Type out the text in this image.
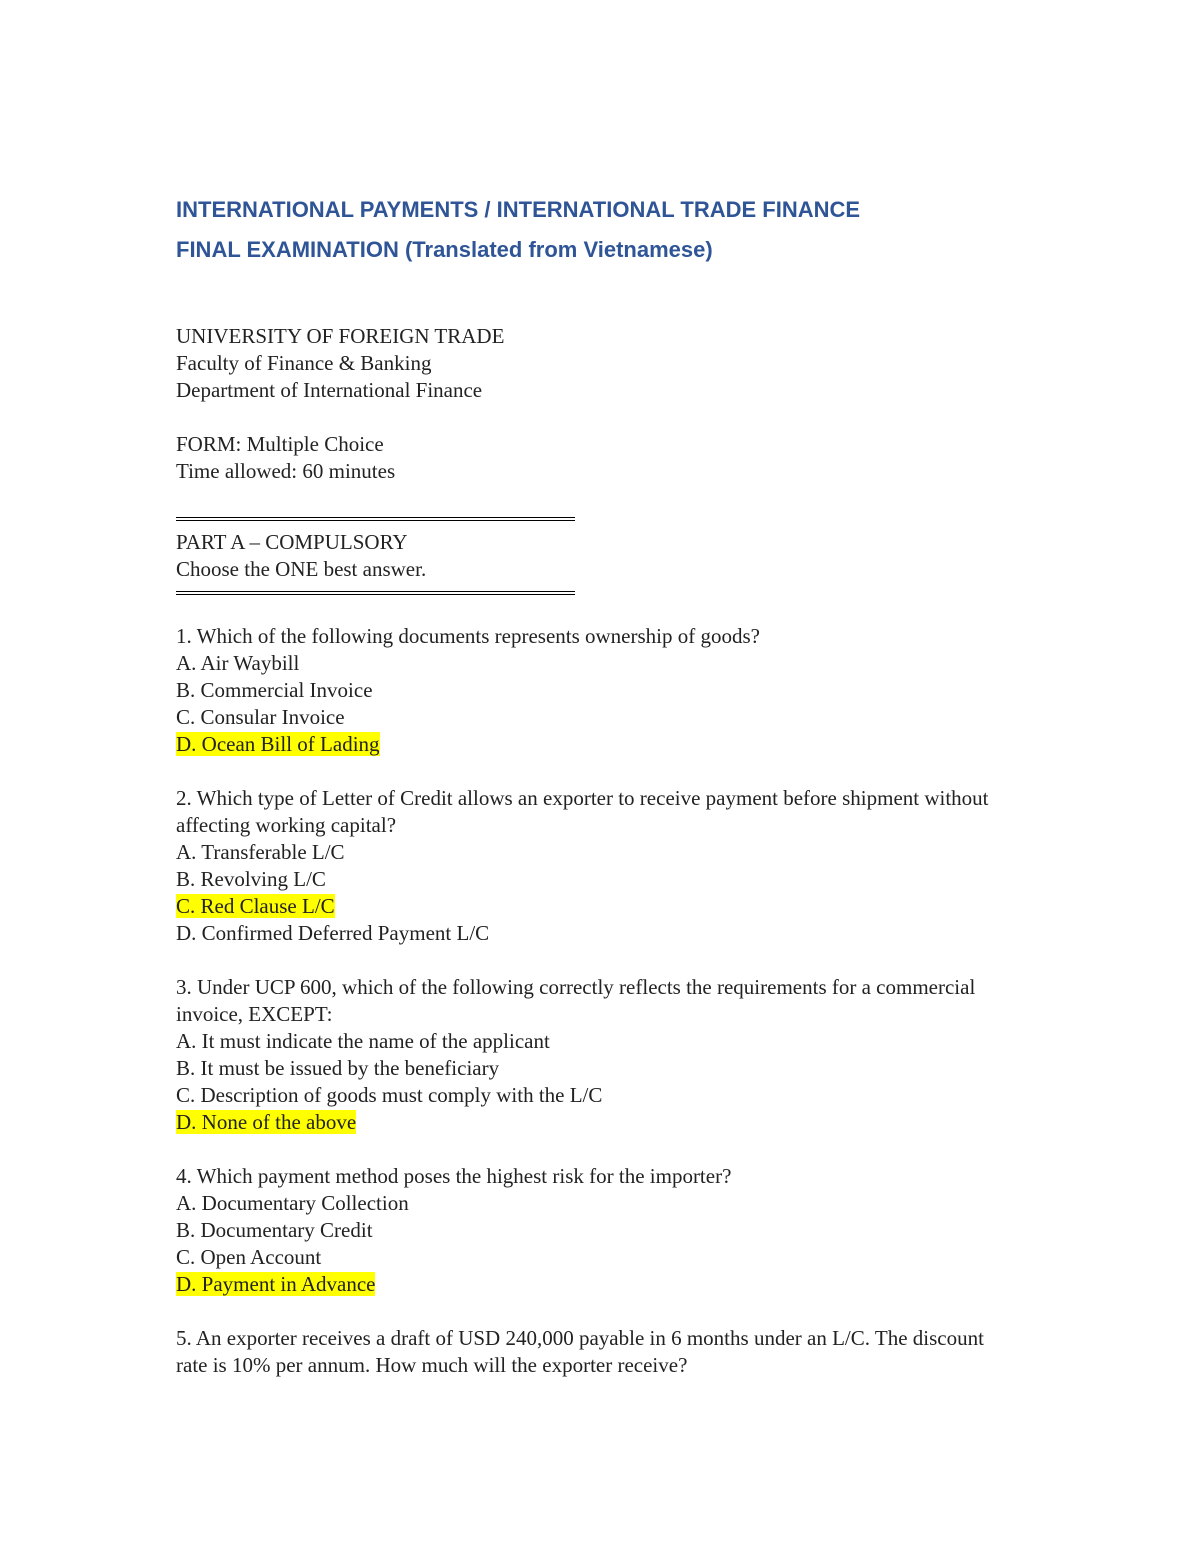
INTERNATIONAL PAYMENTS / INTERNATIONAL TRADE FINANCE
FINAL EXAMINATION (Translated from Vietnamese)
UNIVERSITY OF FOREIGN TRADE
Faculty of Finance & Banking
Department of International Finance
FORM: Multiple Choice
Time allowed: 60 minutes
PART A – COMPULSORY
Choose the ONE best answer.
1. Which of the following documents represents ownership of goods?
A. Air Waybill
B. Commercial Invoice
C. Consular Invoice
D. Ocean Bill of Lading
2. Which type of Letter of Credit allows an exporter to receive payment before shipment without affecting working capital?
A. Transferable L/C
B. Revolving L/C
C. Red Clause L/C
D. Confirmed Deferred Payment L/C
3. Under UCP 600, which of the following correctly reflects the requirements for a commercial invoice, EXCEPT:
A. It must indicate the name of the applicant
B. It must be issued by the beneficiary
C. Description of goods must comply with the L/C
D. None of the above
4. Which payment method poses the highest risk for the importer?
A. Documentary Collection
B. Documentary Credit
C. Open Account
D. Payment in Advance
5. An exporter receives a draft of USD 240,000 payable in 6 months under an L/C. The discount rate is 10% per annum. How much will the exporter receive?
